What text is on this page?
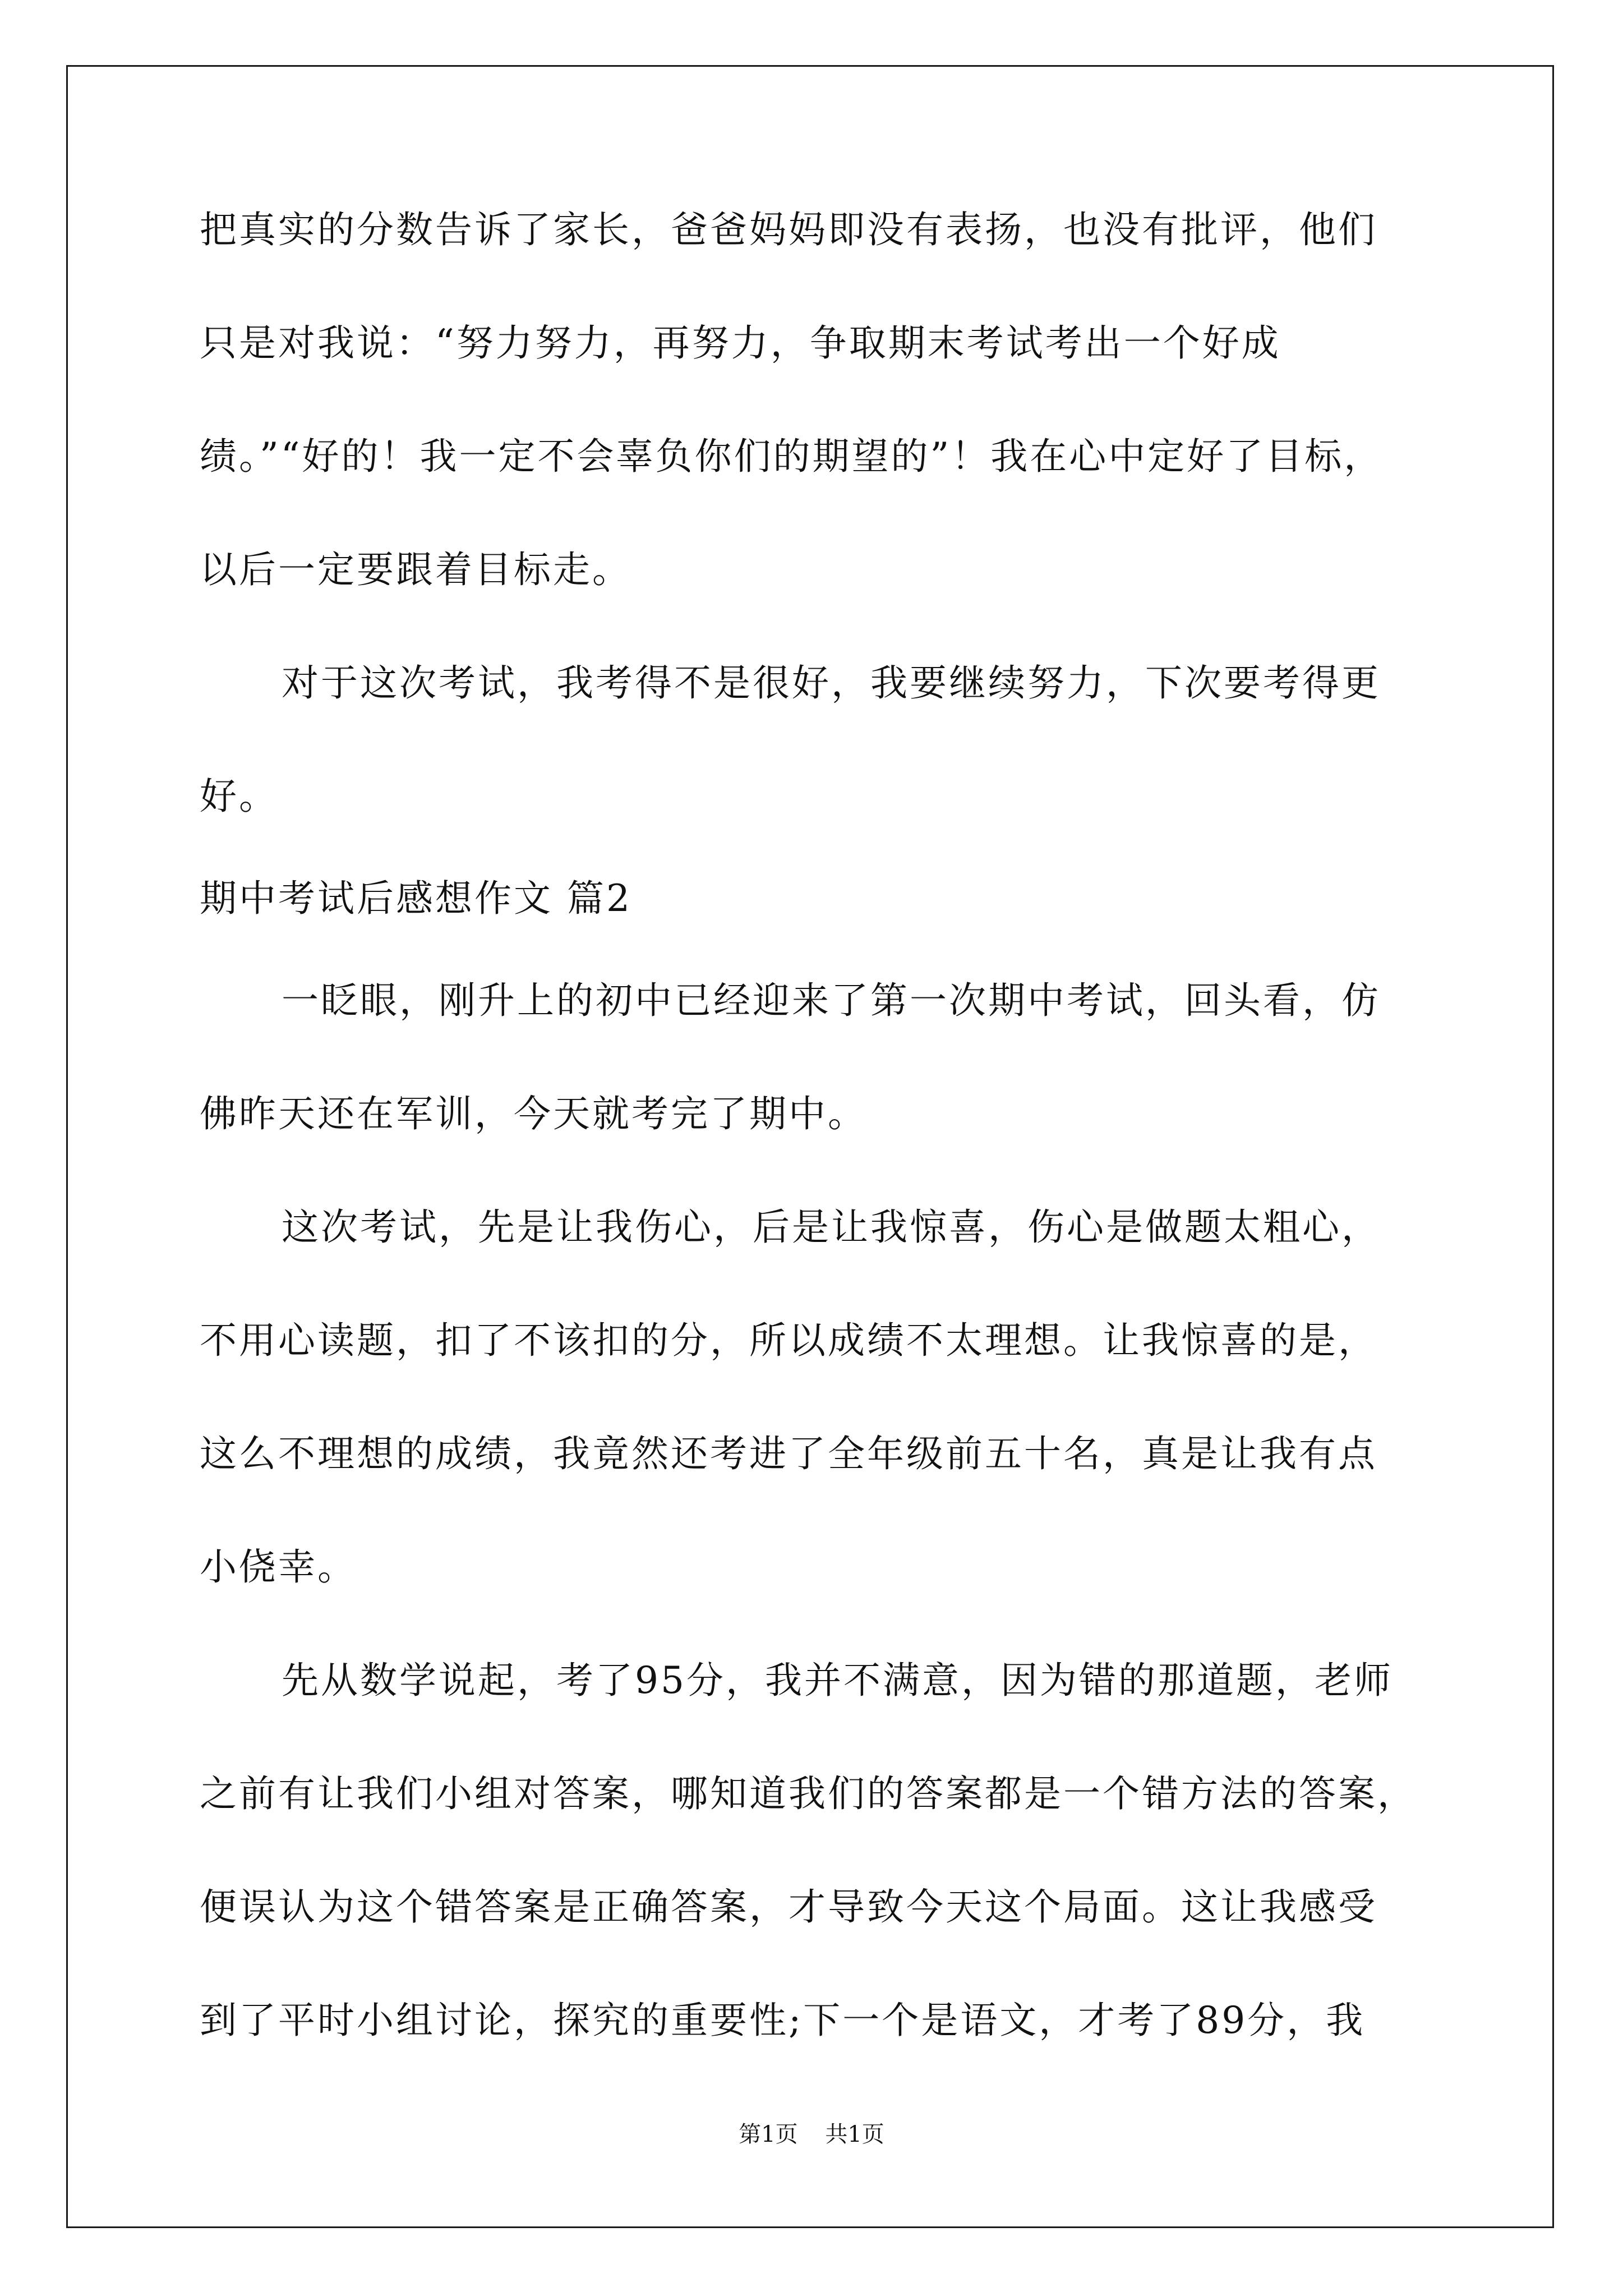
把真实的分数告诉了家长，爸爸妈妈即没有表扬，也没有批评，他们
只是对我说：“努力努力，再努力，争取期末考试考出一个好成
绩。”“好的！我一定不会辜负你们的期望的”！我在心中定好了目标，
以后一定要跟着目标走。
对于这次考试，我考得不是很好，我要继续努力，下次要考得更
好。
期中考试后感想作文 篇2
一眨眼，刚升上的初中已经迎来了第一次期中考试，回头看，仿
佛昨天还在军训，今天就考完了期中。
这次考试，先是让我伤心，后是让我惊喜，伤心是做题太粗心，
不用心读题，扣了不该扣的分，所以成绩不太理想。让我惊喜的是，
这么不理想的成绩，我竟然还考进了全年级前五十名，真是让我有点
小侥幸。
先从数学说起，考了95分，我并不满意，因为错的那道题，老师
之前有让我们小组对答案，哪知道我们的答案都是一个错方法的答案，
便误认为这个错答案是正确答案，才导致今天这个局面。这让我感受
到了平时小组讨论，探究的重要性;下一个是语文，才考了89分，我
第1页 共1页
